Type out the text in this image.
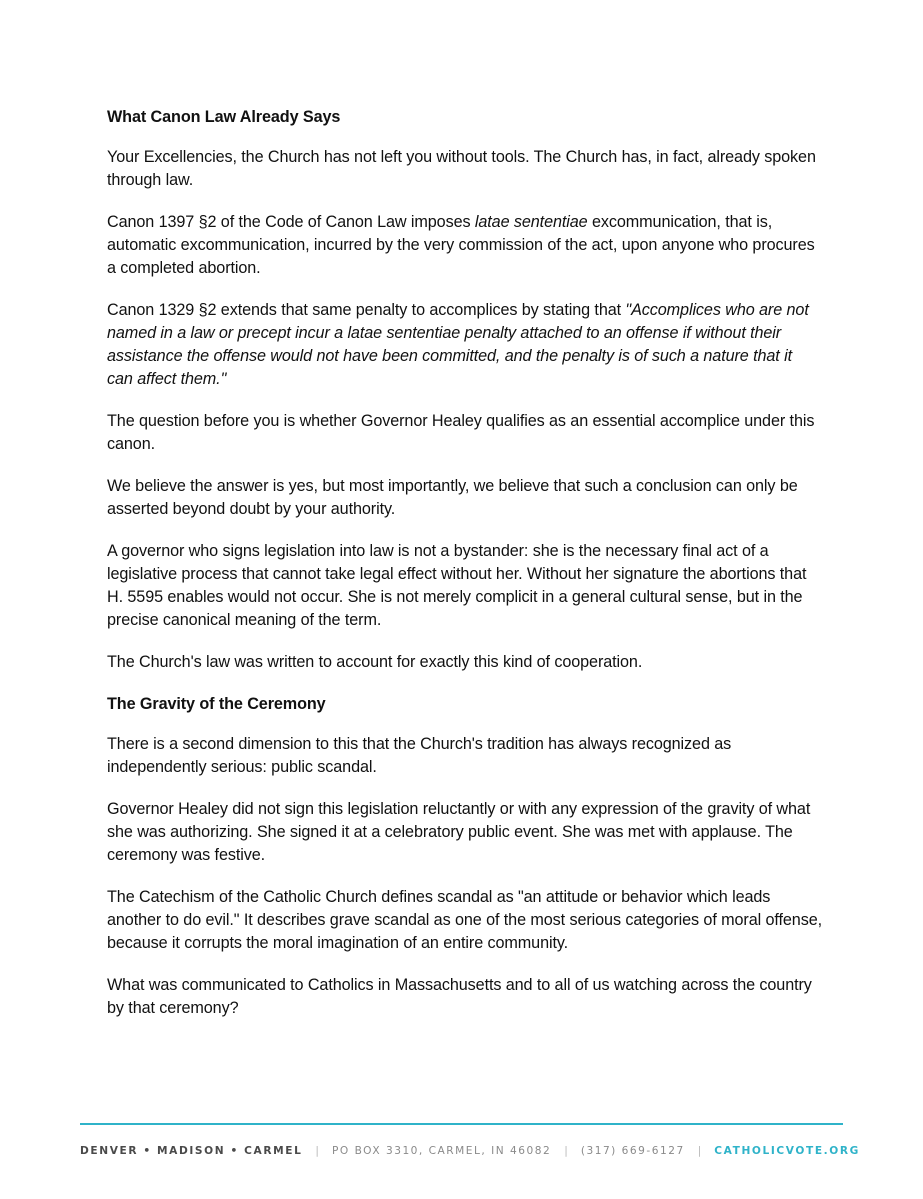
What Canon Law Already Says

Your Excellencies, the Church has not left you without tools. The Church has, in fact, already spoken through law.

Canon 1397 §2 of the Code of Canon Law imposes latae sententiae excommunication, that is, automatic excommunication, incurred by the very commission of the act, upon anyone who procures a completed abortion.

Canon 1329 §2 extends that same penalty to accomplices by stating that "Accomplices who are not named in a law or precept incur a latae sententiae penalty attached to an offense if without their assistance the offense would not have been committed, and the penalty is of such a nature that it can affect them."

The question before you is whether Governor Healey qualifies as an essential accomplice under this canon.

We believe the answer is yes, but most importantly, we believe that such a conclusion can only be asserted beyond doubt by your authority.

A governor who signs legislation into law is not a bystander: she is the necessary final act of a legislative process that cannot take legal effect without her. Without her signature the abortions that H. 5595 enables would not occur. She is not merely complicit in a general cultural sense, but in the precise canonical meaning of the term.

The Church's law was written to account for exactly this kind of cooperation.

The Gravity of the Ceremony

There is a second dimension to this that the Church's tradition has always recognized as independently serious: public scandal.

Governor Healey did not sign this legislation reluctantly or with any expression of the gravity of what she was authorizing. She signed it at a celebratory public event. She was met with applause. The ceremony was festive.

The Catechism of the Catholic Church defines scandal as "an attitude or behavior which leads another to do evil." It describes grave scandal as one of the most serious categories of moral offense, because it corrupts the moral imagination of an entire community.

What was communicated to Catholics in Massachusetts and to all of us watching across the country by that ceremony?

DENVER • MADISON • CARMEL | PO BOX 3310, CARMEL, IN 46082 | (317) 669-6127 | CATHOLICVOTE.ORG
